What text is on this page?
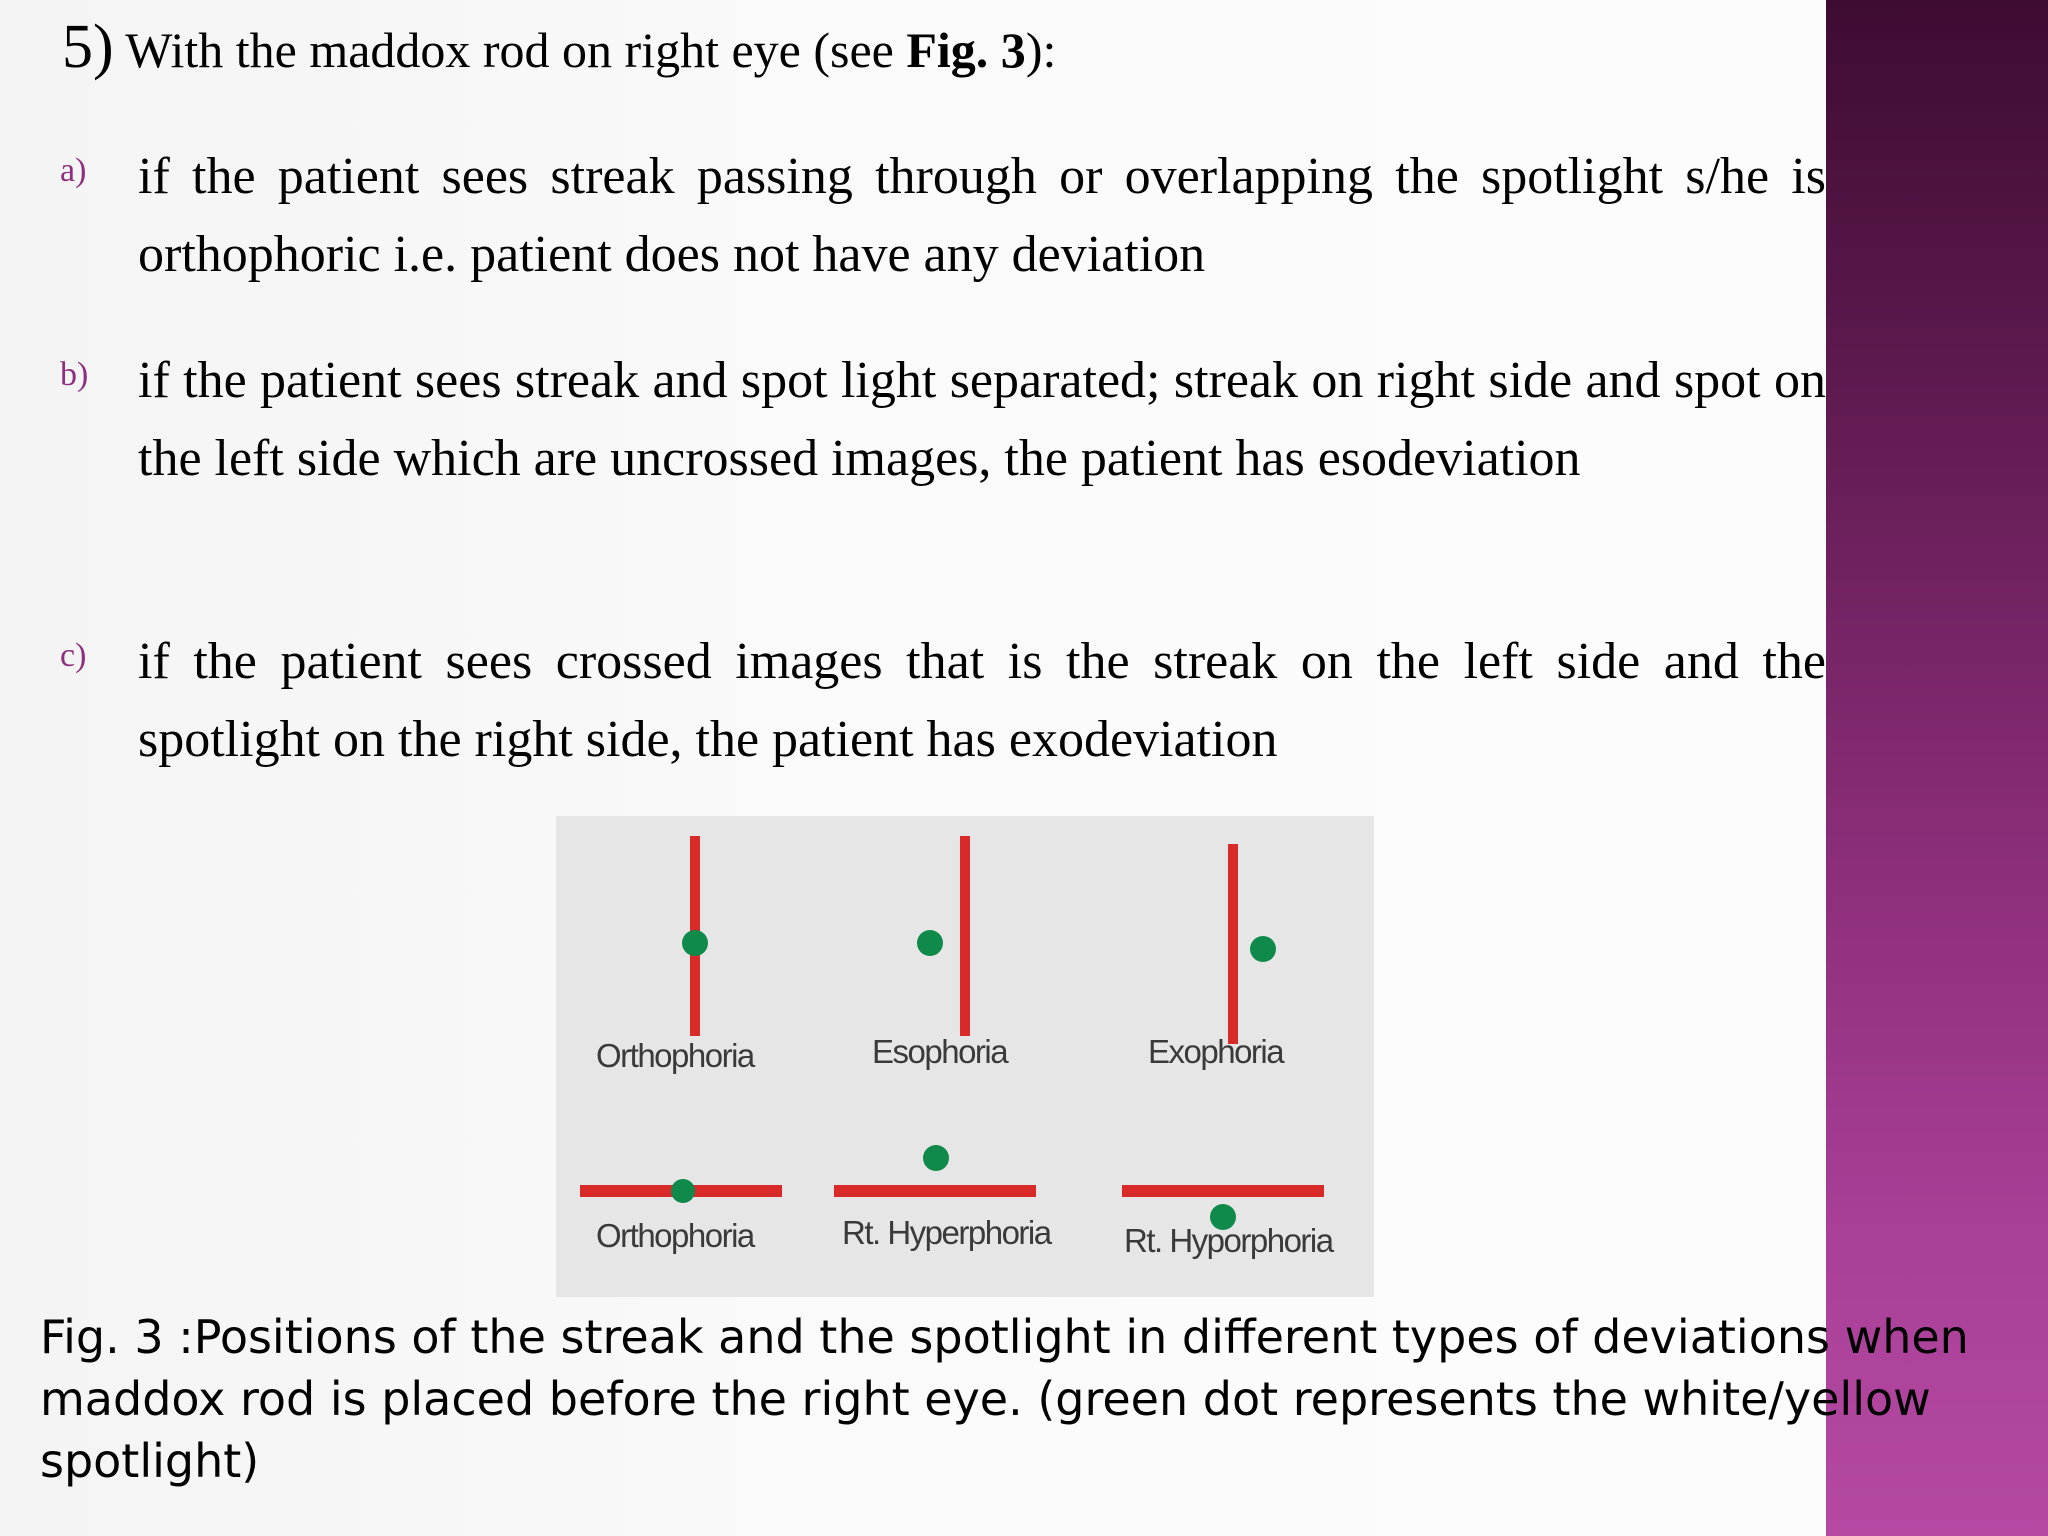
5) With the maddox rod on right eye (see Fig. 3):
a) if the patient sees streak passing through or overlapping the spotlight s/he is orthophoric i.e. patient does not have any deviation
b) if the patient sees streak and spot light separated; streak on right side and spot on the left side which are uncrossed images, the patient has esodeviation
c) if the patient sees crossed images that is the streak on the left side and the spotlight on the right side, the patient has exodeviation
Orthophoria	Esophoria	Exophoria
Orthophoria	Rt. Hyperphoria Rt. Hyporphoria
Fig. 3 :Positions of the streak and the spotlight in different types of deviations when maddox rod is placed before the right eye. (green dot represents the white/yellow spotlight)
